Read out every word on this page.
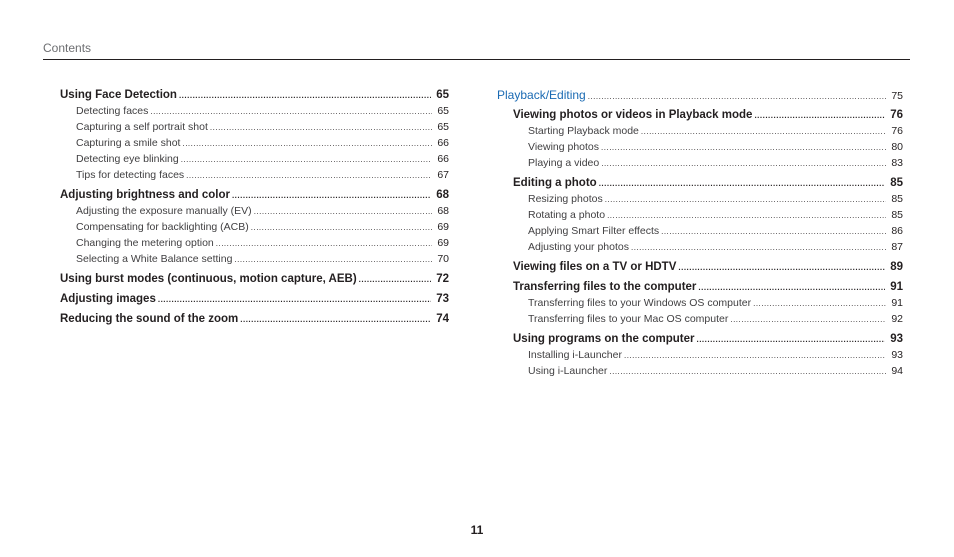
Contents
Using Face Detection .....	65
Detecting faces .....	65
Capturing a self portrait shot .....	65
Capturing a smile shot .....	66
Detecting eye blinking .....	66
Tips for detecting faces .....	67
Adjusting brightness and color .....	68
Adjusting the exposure manually (EV) .....	68
Compensating for backlighting (ACB) .....	69
Changing the metering option .....	69
Selecting a White Balance setting .....	70
Using burst modes (continuous, motion capture, AEB) .....	72
Adjusting images .....	73
Reducing the sound of the zoom .....	74
Playback/Editing .....	75
Viewing photos or videos in Playback mode .....	76
Starting Playback mode .....	76
Viewing photos .....	80
Playing a video .....	83
Editing a photo .....	85
Resizing photos .....	85
Rotating a photo .....	85
Applying Smart Filter effects .....	86
Adjusting your photos .....	87
Viewing files on a TV or HDTV .....	89
Transferring files to the computer .....	91
Transferring files to your Windows OS computer .....	91
Transferring files to your Mac OS computer .....	92
Using programs on the computer .....	93
Installing i-Launcher .....	93
Using i-Launcher .....	94
11
